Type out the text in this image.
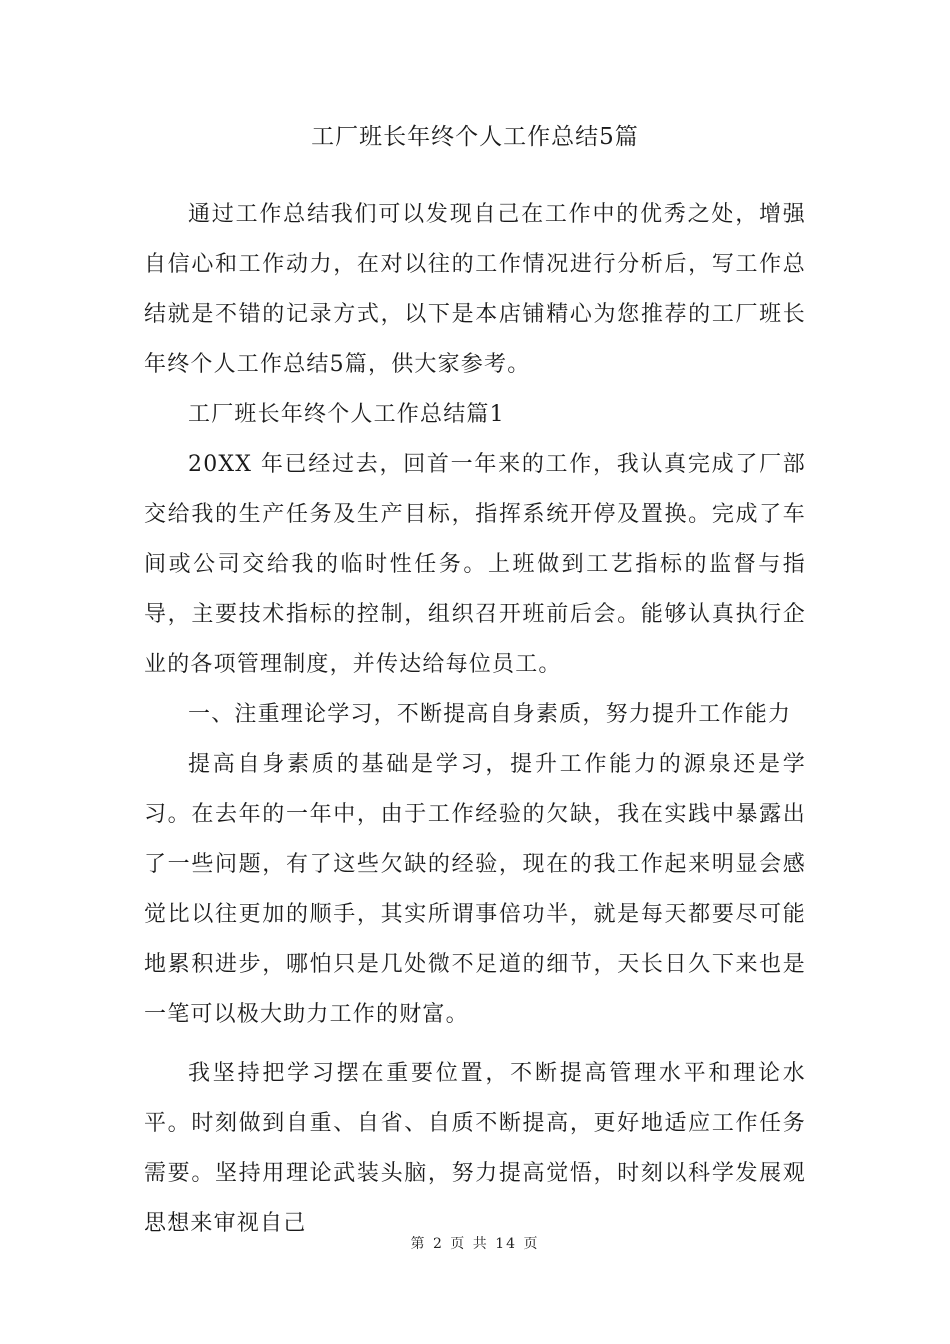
工厂班长年终个人工作总结5篇

通过工作总结我们可以发现自己在工作中的优秀之处，增强自信心和工作动力，在对以往的工作情况进行分析后，写工作总结就是不错的记录方式，以下是本店铺精心为您推荐的工厂班长年终个人工作总结5篇，供大家参考。

工厂班长年终个人工作总结篇1

20XX 年已经过去，回首一年来的工作，我认真完成了厂部交给我的生产任务及生产目标，指挥系统开停及置换。完成了车间或公司交给我的临时性任务。上班做到工艺指标的监督与指导，主要技术指标的控制，组织召开班前后会。能够认真执行企业的各项管理制度，并传达给每位员工。

一、注重理论学习，不断提高自身素质，努力提升工作能力

提高自身素质的基础是学习，提升工作能力的源泉还是学习。在去年的一年中，由于工作经验的欠缺，我在实践中暴露出了一些问题，有了这些欠缺的经验，现在的我工作起来明显会感觉比以往更加的顺手，其实所谓事倍功半，就是每天都要尽可能地累积进步，哪怕只是几处微不足道的细节，天长日久下来也是一笔可以极大助力工作的财富。

我坚持把学习摆在重要位置，不断提高管理水平和理论水平。时刻做到自重、自省、自质不断提高，更好地适应工作任务需要。坚持用理论武装头脑，努力提高觉悟，时刻以科学发展观思想来审视自己

第 2 页 共 14 页
